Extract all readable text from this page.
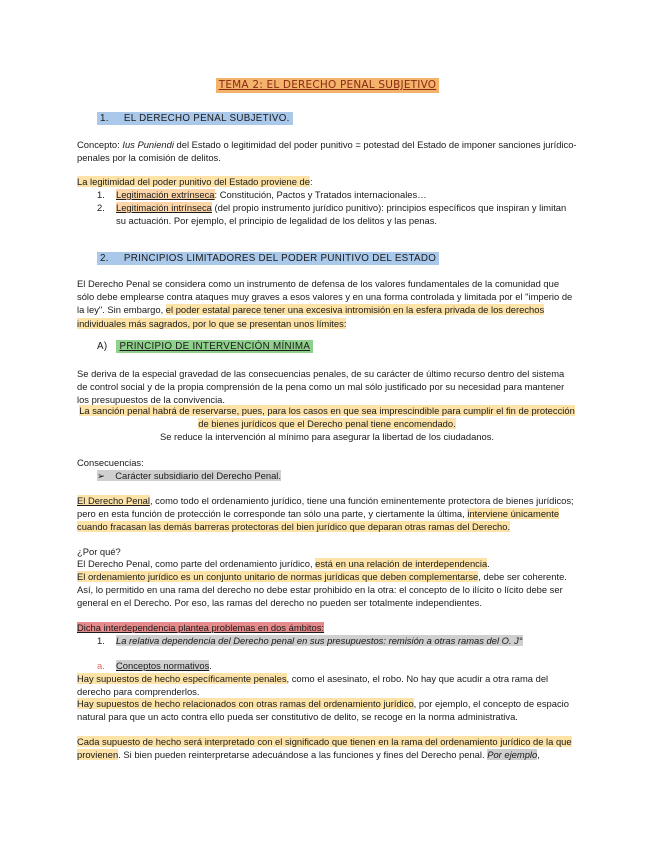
TEMA 2: EL DERECHO PENAL SUBJETIVO
1. EL DERECHO PENAL SUBJETIVO.

Concepto: Ius Puniendi del Estado o legitimidad del poder punitivo = potestad del Estado de imponer sanciones jurídico-penales por la comisión de delitos.

La legitimidad del poder punitivo del Estado proviene de:

1. Legitimación extrínseca: Constitución, Pactos y Tratados internacionales…
2. Legitimación intrínseca (del propio instrumento jurídico punitivo): principios específicos que inspiran y limitan su actuación. Por ejemplo, el principio de legalidad de los delitos y las penas.
2. PRINCIPIOS LIMITADORES DEL PODER PUNITIVO DEL ESTADO

El Derecho Penal se considera como un instrumento de defensa de los valores fundamentales de la comunidad que sólo debe emplearse contra ataques muy graves a esos valores y en una forma controlada y limitada por el "imperio de la ley". Sin embargo, el poder estatal parece tener una excesiva intromisión en la esfera privada de los derechos individuales más sagrados, por lo que se presentan unos límites:

A) PRINCIPIO DE INTERVENCIÓN MÍNIMA

Se deriva de la especial gravedad de las consecuencias penales, de su carácter de último recurso dentro del sistema de control social y de la propia comprensión de la pena como un mal sólo justificado por su necesidad para mantener los presupuestos de la convivencia.

La sanción penal habrá de reservarse, pues, para los casos en que sea imprescindible para cumplir el fin de protección de bienes jurídicos que el Derecho penal tiene encomendado.

Se reduce la intervención al mínimo para asegurar la libertad de los ciudadanos.

Consecuencias:

➢ Carácter subsidiario del Derecho Penal.

El Derecho Penal, como todo el ordenamiento jurídico, tiene una función eminentemente protectora de bienes jurídicos; pero en esta función de protección le corresponde tan sólo una parte, y ciertamente la última, interviene únicamente cuando fracasan las demás barreras protectoras del bien jurídico que deparan otras ramas del Derecho.

¿Por qué?

El Derecho Penal, como parte del ordenamiento jurídico, está en una relación de interdependencia.

El ordenamiento jurídico es un conjunto unitario de normas jurídicas que deben complementarse, debe ser coherente. Así, lo permitido en una rama del derecho no debe estar prohibido en la otra: el concepto de lo ilícito o lícito debe ser general en el Derecho. Por eso, las ramas del derecho no pueden ser totalmente independientes.

Dicha interdependencia plantea problemas en dos ámbitos:

1. La relativa dependencia del Derecho penal en sus presupuestos: remisión a otras ramas del O. J°
a. Conceptos normativos.

Hay supuestos de hecho específicamente penales, como el asesinato, el robo. No hay que acudir a otra rama del derecho para comprenderlos.

Hay supuestos de hecho relacionados con otras ramas del ordenamiento jurídico, por ejemplo, el concepto de espacio natural para que un acto contra ello pueda ser constitutivo de delito, se recoge en la norma administrativa.

Cada supuesto de hecho será interpretado con el significado que tienen en la rama del ordenamiento jurídico de la que provienen. Si bien pueden reinterpretarse adecuándose a las funciones y fines del Derecho penal. Por ejemplo,
